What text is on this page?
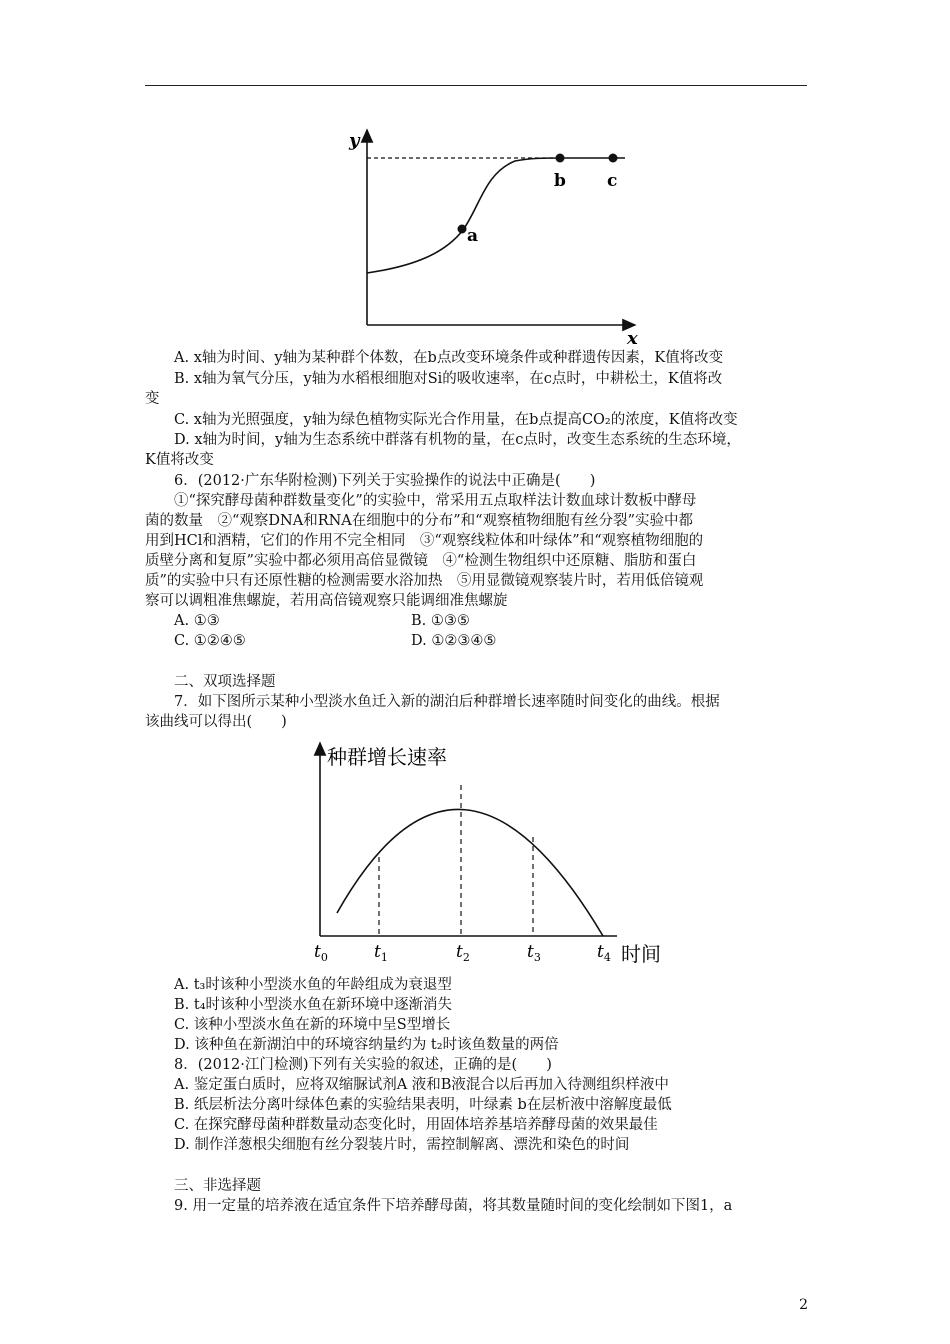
y
x
a
b c
A. x轴为时间、y轴为某种群个体数，在b点改变环境条件或种群遗传因素，K值将改变
B. x轴为氧气分压，y轴为水稻根细胞对Si的吸收速率，在c点时，中耕松土，K值将改
变
C. x轴为光照强度，y轴为绿色植物实际光合作用量，在b点提高CO₂的浓度，K值将改变
D. x轴为时间，y轴为生态系统中群落有机物的量，在c点时，改变生态系统的生态环境，
K值将改变
6．(2012·广东华附检测)下列关于实验操作的说法中正确是(　　)
①“探究酵母菌种群数量变化”的实验中，常采用五点取样法计数血球计数板中酵母
菌的数量　②“观察DNA和RNA在细胞中的分布”和“观察植物细胞有丝分裂”实验中都
用到HCl和酒精，它们的作用不完全相同　③“观察线粒体和叶绿体”和“观察植物细胞的
质壁分离和复原”实验中都必须用高倍显微镜　④“检测生物组织中还原糖、脂肪和蛋白
质”的实验中只有还原性糖的检测需要水浴加热　⑤用显微镜观察装片时，若用低倍镜观
察可以调粗准焦螺旋，若用高倍镜观察只能调细准焦螺旋
A. ①③	B. ①③⑤
C. ①②④⑤	D. ①②③④⑤
二、双项选择题
7．如下图所示某种小型淡水鱼迁入新的湖泊后种群增长速率随时间变化的曲线。根据
该曲线可以得出(　　)
种群增长速率
时间
$t_0$	$t_1$	$t_2$	$t_3$	$t_4$
A. t₃时该种小型淡水鱼的年龄组成为衰退型
B. t₄时该种小型淡水鱼在新环境中逐渐消失
C. 该种小型淡水鱼在新的环境中呈S型增长
D. 该种鱼在新湖泊中的环境容纳量约为 t₂时该鱼数量的两倍
8．(2012·江门检测)下列有关实验的叙述，正确的是(　　)
A. 鉴定蛋白质时，应将双缩脲试剂A 液和B液混合以后再加入待测组织样液中
B. 纸层析法分离叶绿体色素的实验结果表明，叶绿素 b在层析液中溶解度最低
C. 在探究酵母菌种群数量动态变化时，用固体培养基培养酵母菌的效果最佳
D. 制作洋葱根尖细胞有丝分裂装片时，需控制解离、漂洗和染色的时间
三、非选择题
9. 用一定量的培养液在适宜条件下培养酵母菌，将其数量随时间的变化绘制如下图1，a
2
